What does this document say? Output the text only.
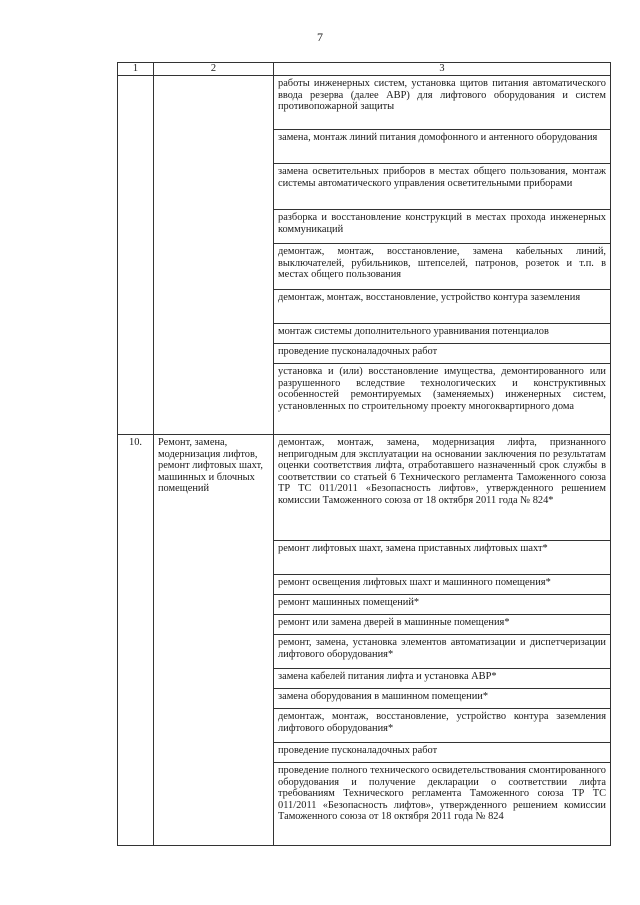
7
1	2	3
		работы инженерных систем, установка щитов питания автоматического ввода резерва (далее АВР) для лифтового оборудования и систем противопожарной защиты
		замена, монтаж линий питания домофонного и антенного оборудования
		замена осветительных приборов в местах общего пользования, монтаж системы автоматического управления осветительными приборами
		разборка и восстановление конструкций в местах прохода инженерных коммуникаций
		демонтаж, монтаж, восстановление, замена кабельных линий, выключателей, рубильников, штепселей, патронов, розеток и т.п. в местах общего пользования
		демонтаж, монтаж, восстановление, устройство контура заземления
		монтаж системы дополнительного уравнивания потенциалов
		проведение пусконаладочных работ
		установка и (или) восстановление имущества, демонтированного или разрушенного вследствие технологических и конструктивных особенностей ремонтируемых (заменяемых) инженерных систем, установленных по строительному проекту многоквартирного дома
10.	Ремонт, замена, модернизация лифтов, ремонт лифтовых шахт, машинных и блочных помещений	демонтаж, монтаж, замена, модернизация лифта, признанного непригодным для эксплуатации на основании заключения по результатам оценки соответствия лифта, отработавшего назначенный срок службы в соответствии со статьей 6 Технического регламента Таможенного союза ТР ТС 011/2011 «Безопасность лифтов», утвержденного решением комиссии Таможенного союза от 18 октября 2011 года № 824*
		ремонт лифтовых шахт, замена приставных лифтовых шахт*
		ремонт освещения лифтовых шахт и машинного помещения*
		ремонт машинных помещений*
		ремонт или замена дверей в машинные помещения*
		ремонт, замена, установка элементов автоматизации и диспетчеризации лифтового оборудования*
		замена кабелей питания лифта и установка АВР*
		замена оборудования в машинном помещении*
		демонтаж, монтаж, восстановление, устройство контура заземления лифтового оборудования*
		проведение пусконаладочных работ
		проведение полного технического освидетельствования смонтированного оборудования и получение декларации о соответствии лифта требованиям Технического регламента Таможенного союза ТР ТС 011/2011 «Безопасность лифтов», утвержденного решением комиссии Таможенного союза от 18 октября 2011 года № 824
